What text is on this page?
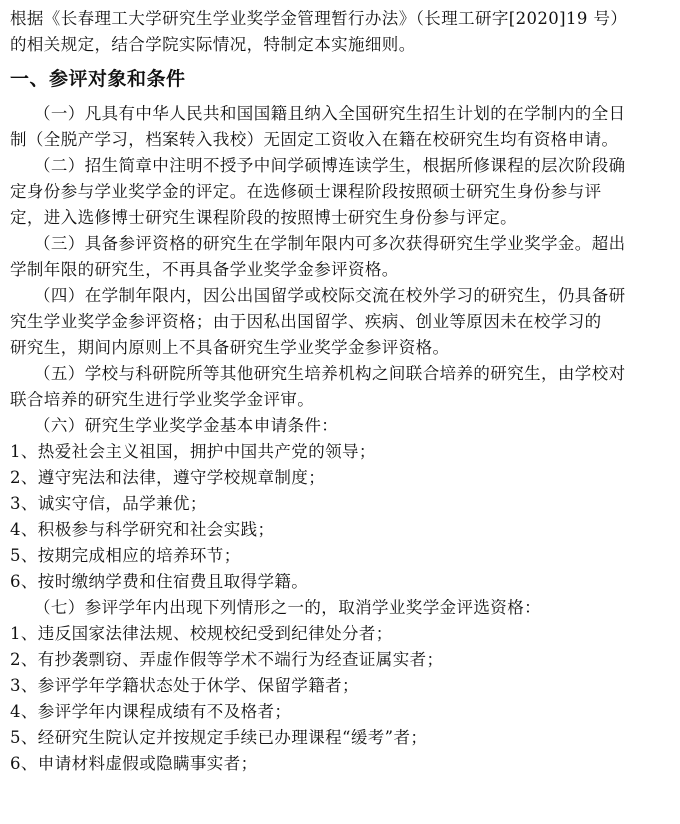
根据《长春理工大学研究生学业奖学金管理暂行办法》（长理工研字[2020]19 号）
的相关规定，结合学院实际情况，特制定本实施细则。

一、参评对象和条件

（一）凡具有中华人民共和国国籍且纳入全国研究生招生计划的在学制内的全日
制（全脱产学习，档案转入我校）无固定工资收入在籍在校研究生均有资格申请。
（二）招生简章中注明不授予中间学硕博连读学生，根据所修课程的层次阶段确
定身份参与学业奖学金的评定。在选修硕士课程阶段按照硕士研究生身份参与评
定，进入选修博士研究生课程阶段的按照博士研究生身份参与评定。
（三）具备参评资格的研究生在学制年限内可多次获得研究生学业奖学金。超出
学制年限的研究生，不再具备学业奖学金参评资格。
（四）在学制年限内，因公出国留学或校际交流在校外学习的研究生，仍具备研
究生学业奖学金参评资格；由于因私出国留学、疾病、创业等原因未在校学习的
研究生，期间内原则上不具备研究生学业奖学金参评资格。
（五）学校与科研院所等其他研究生培养机构之间联合培养的研究生，由学校对
联合培养的研究生进行学业奖学金评审。
（六）研究生学业奖学金基本申请条件：
1、热爱社会主义祖国，拥护中国共产党的领导；
2、遵守宪法和法律，遵守学校规章制度；
3、诚实守信，品学兼优；
4、积极参与科学研究和社会实践；
5、按期完成相应的培养环节；
6、按时缴纳学费和住宿费且取得学籍。
（七）参评学年内出现下列情形之一的，取消学业奖学金评选资格：
1、违反国家法律法规、校规校纪受到纪律处分者；
2、有抄袭剽窃、弄虚作假等学术不端行为经查证属实者；
3、参评学年学籍状态处于休学、保留学籍者；
4、参评学年内课程成绩有不及格者；
5、经研究生院认定并按规定手续已办理课程“缓考”者；
6、申请材料虚假或隐瞒事实者；
